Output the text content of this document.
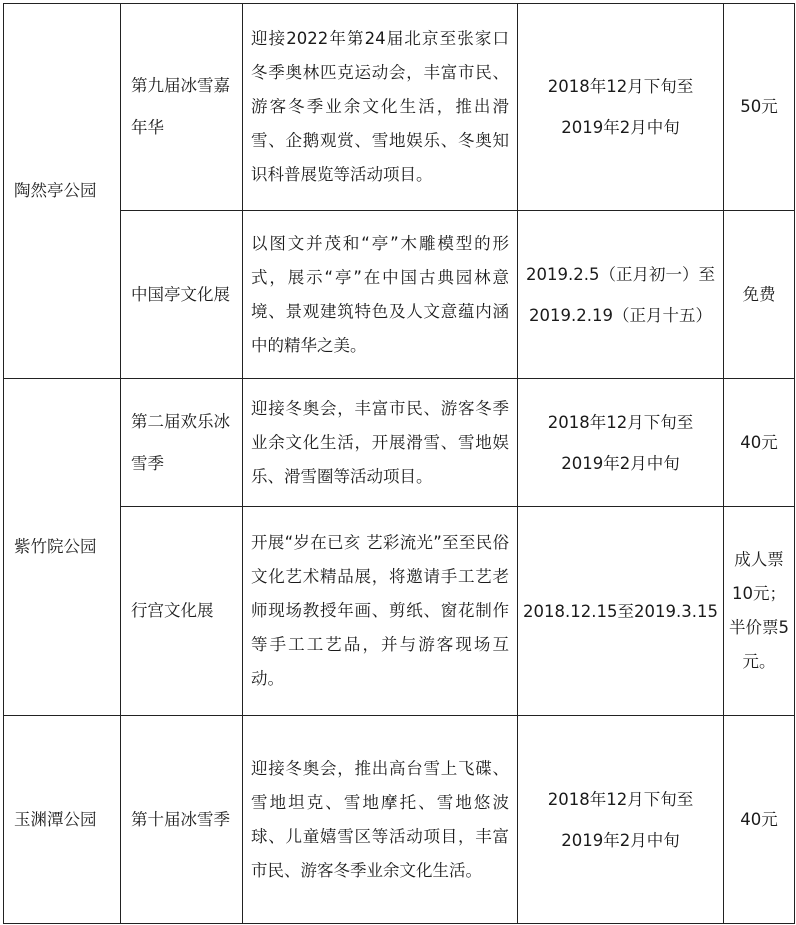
陶然亭公园	第九届冰雪嘉年华	迎接2022年第24届北京至张家口冬季奥林匹克运动会，丰富市民、游客冬季业余文化生活，推出滑雪、企鹅观赏、雪地娱乐、冬奥知识科普展览等活动项目。	2018年12月下旬至
2019年2月中旬	50元
	中国亭文化展	以图文并茂和“亭”木雕模型的形式，展示“亭”在中国古典园林意境、景观建筑特色及人文意蕴内涵中的精华之美。	2019.2.5（正月初一）至
2019.2.19（正月十五）	免费
紫竹院公园	第二届欢乐冰雪季	迎接冬奥会，丰富市民、游客冬季业余文化生活，开展滑雪、雪地娱乐、滑雪圈等活动项目。	2018年12月下旬至
2019年2月中旬	40元
	行宫文化展	开展“岁在已亥 艺彩流光”至至民俗文化艺术精品展，将邀请手工艺老师现场教授年画、剪纸、窗花制作等手工工艺品，并与游客现场互动。	2018.12.15至2019.3.15	成人票10元；半价票5元。
玉渊潭公园	第十届冰雪季	迎接冬奥会，推出高台雪上飞碟、雪地坦克、雪地摩托、雪地悠波球、儿童嬉雪区等活动项目，丰富市民、游客冬季业余文化生活。	2018年12月下旬至
2019年2月中旬	40元
